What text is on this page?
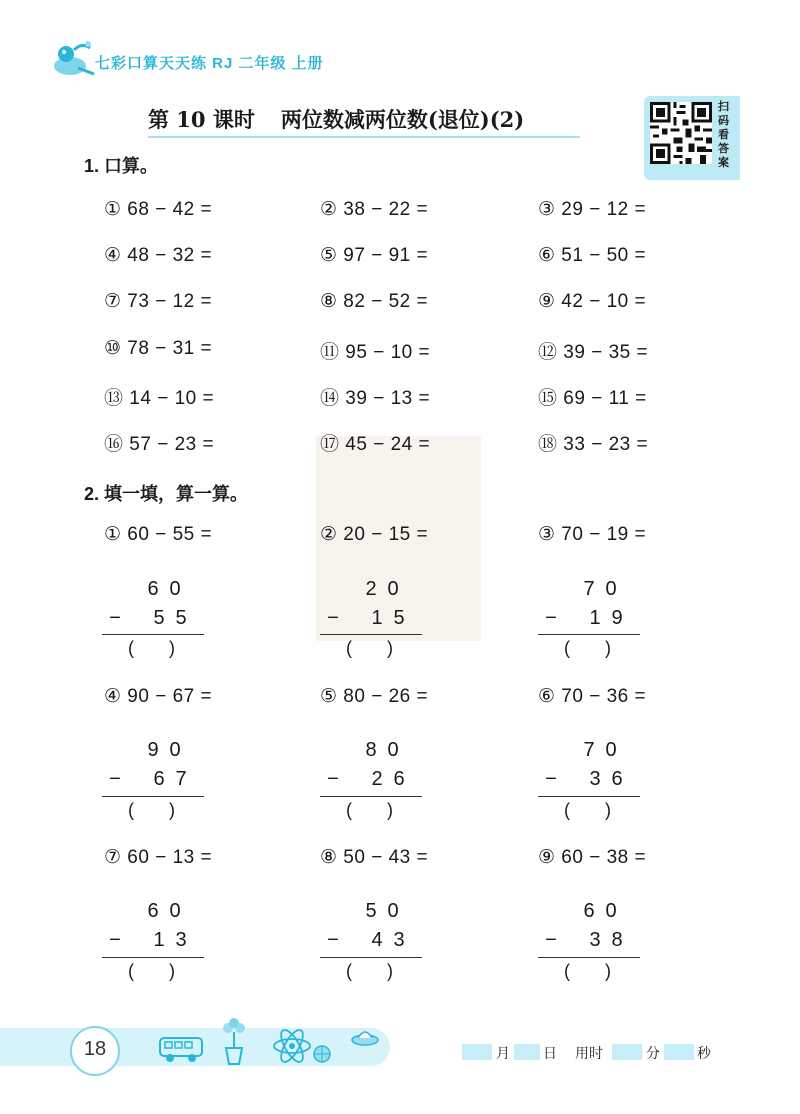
七彩口算天天练 RJ 二年级 上册
第 10 课时 两位数减两位数(退位)(2)	扫
码
看
答
案
1. 口算。
① 68 − 42 =	② 38 − 22 =	③ 29 − 12 =
④ 48 − 32 =	⑤ 97 − 91 =	⑥ 51 − 50 =
⑦ 73 − 12 =	⑧ 82 − 52 =	⑨ 42 − 10 =
⑩ 78 − 31 =	⑪ 95 − 10 =	⑫ 39 − 35 =
⑬ 14 − 10 =	⑭ 39 − 13 =	⑮ 69 − 11 =
⑯ 57 − 23 =	⑰ 45 − 24 =	⑱ 33 − 23 =
2. 填一填，算一算。
① 60 − 55 =
6 0
− 5 5
(       )
② 20 − 15 =
2 0
− 1 5
(       )
③ 70 − 19 =
7 0
− 1 9
(       )
④ 90 − 67 =
9 0
− 6 7
(       )
⑤ 80 − 26 =
8 0
− 2 6
(       )
⑥ 70 − 36 =
7 0
− 3 6
(       )
⑦ 60 − 13 =
6 0
− 1 3
(       )
⑧ 50 − 43 =
5 0
− 4 3
(       )
⑨ 60 − 38 =
6 0
− 3 8
(       )
18	月 日 用时	分	秒
